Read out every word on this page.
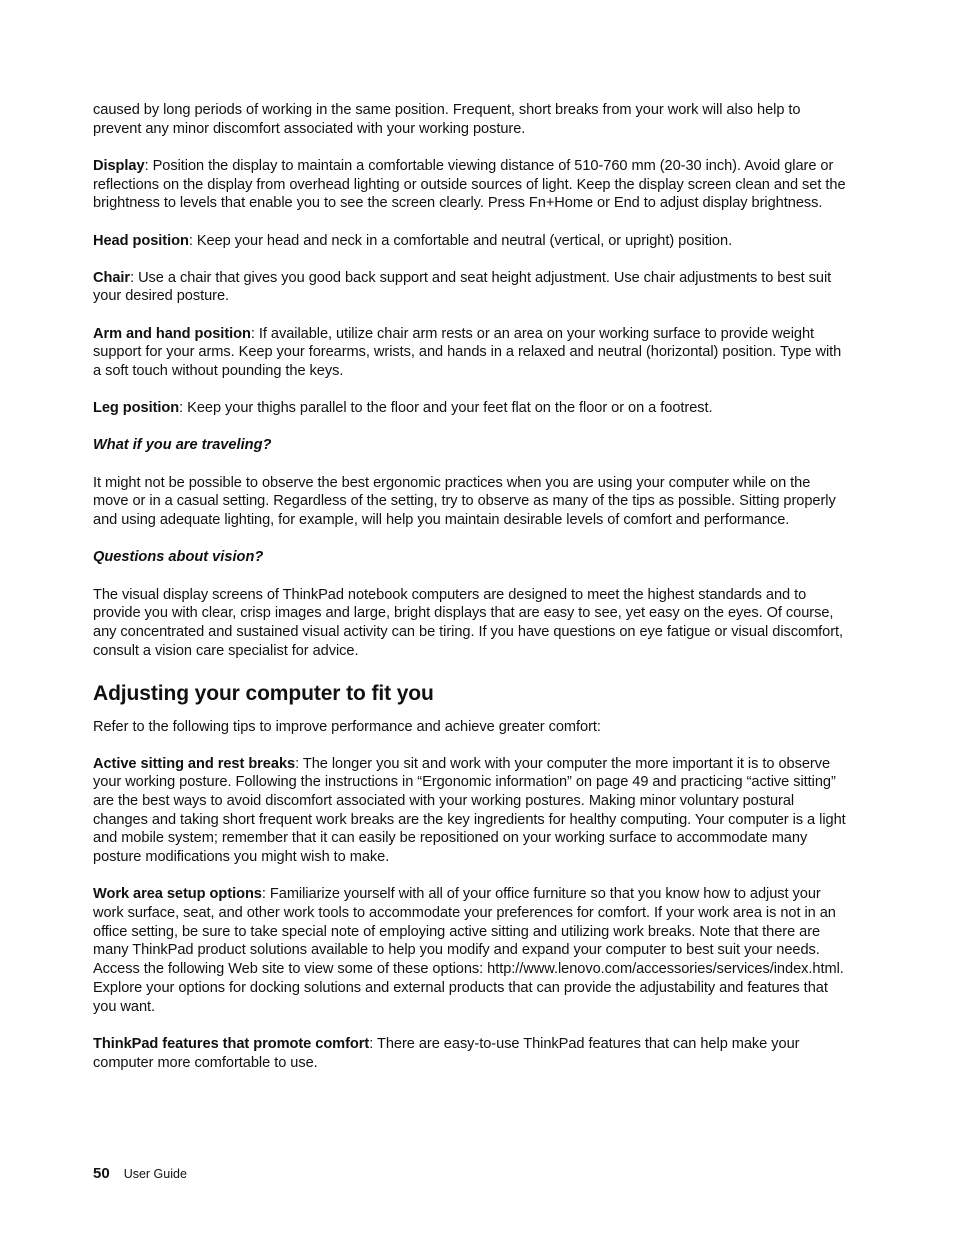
caused by long periods of working in the same position. Frequent, short breaks from your work will also help to prevent any minor discomfort associated with your working posture.

Display: Position the display to maintain a comfortable viewing distance of 510-760 mm (20-30 inch). Avoid glare or reflections on the display from overhead lighting or outside sources of light. Keep the display screen clean and set the brightness to levels that enable you to see the screen clearly. Press Fn+Home or End to adjust display brightness.

Head position: Keep your head and neck in a comfortable and neutral (vertical, or upright) position.

Chair: Use a chair that gives you good back support and seat height adjustment. Use chair adjustments to best suit your desired posture.

Arm and hand position: If available, utilize chair arm rests or an area on your working surface to provide weight support for your arms. Keep your forearms, wrists, and hands in a relaxed and neutral (horizontal) position. Type with a soft touch without pounding the keys.

Leg position: Keep your thighs parallel to the floor and your feet flat on the floor or on a footrest.

What if you are traveling?

It might not be possible to observe the best ergonomic practices when you are using your computer while on the move or in a casual setting. Regardless of the setting, try to observe as many of the tips as possible. Sitting properly and using adequate lighting, for example, will help you maintain desirable levels of comfort and performance.

Questions about vision?

The visual display screens of ThinkPad notebook computers are designed to meet the highest standards and to provide you with clear, crisp images and large, bright displays that are easy to see, yet easy on the eyes. Of course, any concentrated and sustained visual activity can be tiring. If you have questions on eye fatigue or visual discomfort, consult a vision care specialist for advice.

Adjusting your computer to fit you

Refer to the following tips to improve performance and achieve greater comfort:

Active sitting and rest breaks: The longer you sit and work with your computer the more important it is to observe your working posture. Following the instructions in “Ergonomic information” on page 49 and practicing “active sitting” are the best ways to avoid discomfort associated with your working postures. Making minor voluntary postural changes and taking short frequent work breaks are the key ingredients for healthy computing. Your computer is a light and mobile system; remember that it can easily be repositioned on your working surface to accommodate many posture modifications you might wish to make.

Work area setup options: Familiarize yourself with all of your office furniture so that you know how to adjust your work surface, seat, and other work tools to accommodate your preferences for comfort. If your work area is not in an office setting, be sure to take special note of employing active sitting and utilizing work breaks. Note that there are many ThinkPad product solutions available to help you modify and expand your computer to best suit your needs. Access the following Web site to view some of these options: http://www.lenovo.com/accessories/services/index.html. Explore your options for docking solutions and external products that can provide the adjustability and features that you want.

ThinkPad features that promote comfort: There are easy-to-use ThinkPad features that can help make your computer more comfortable to use.

50 User Guide
